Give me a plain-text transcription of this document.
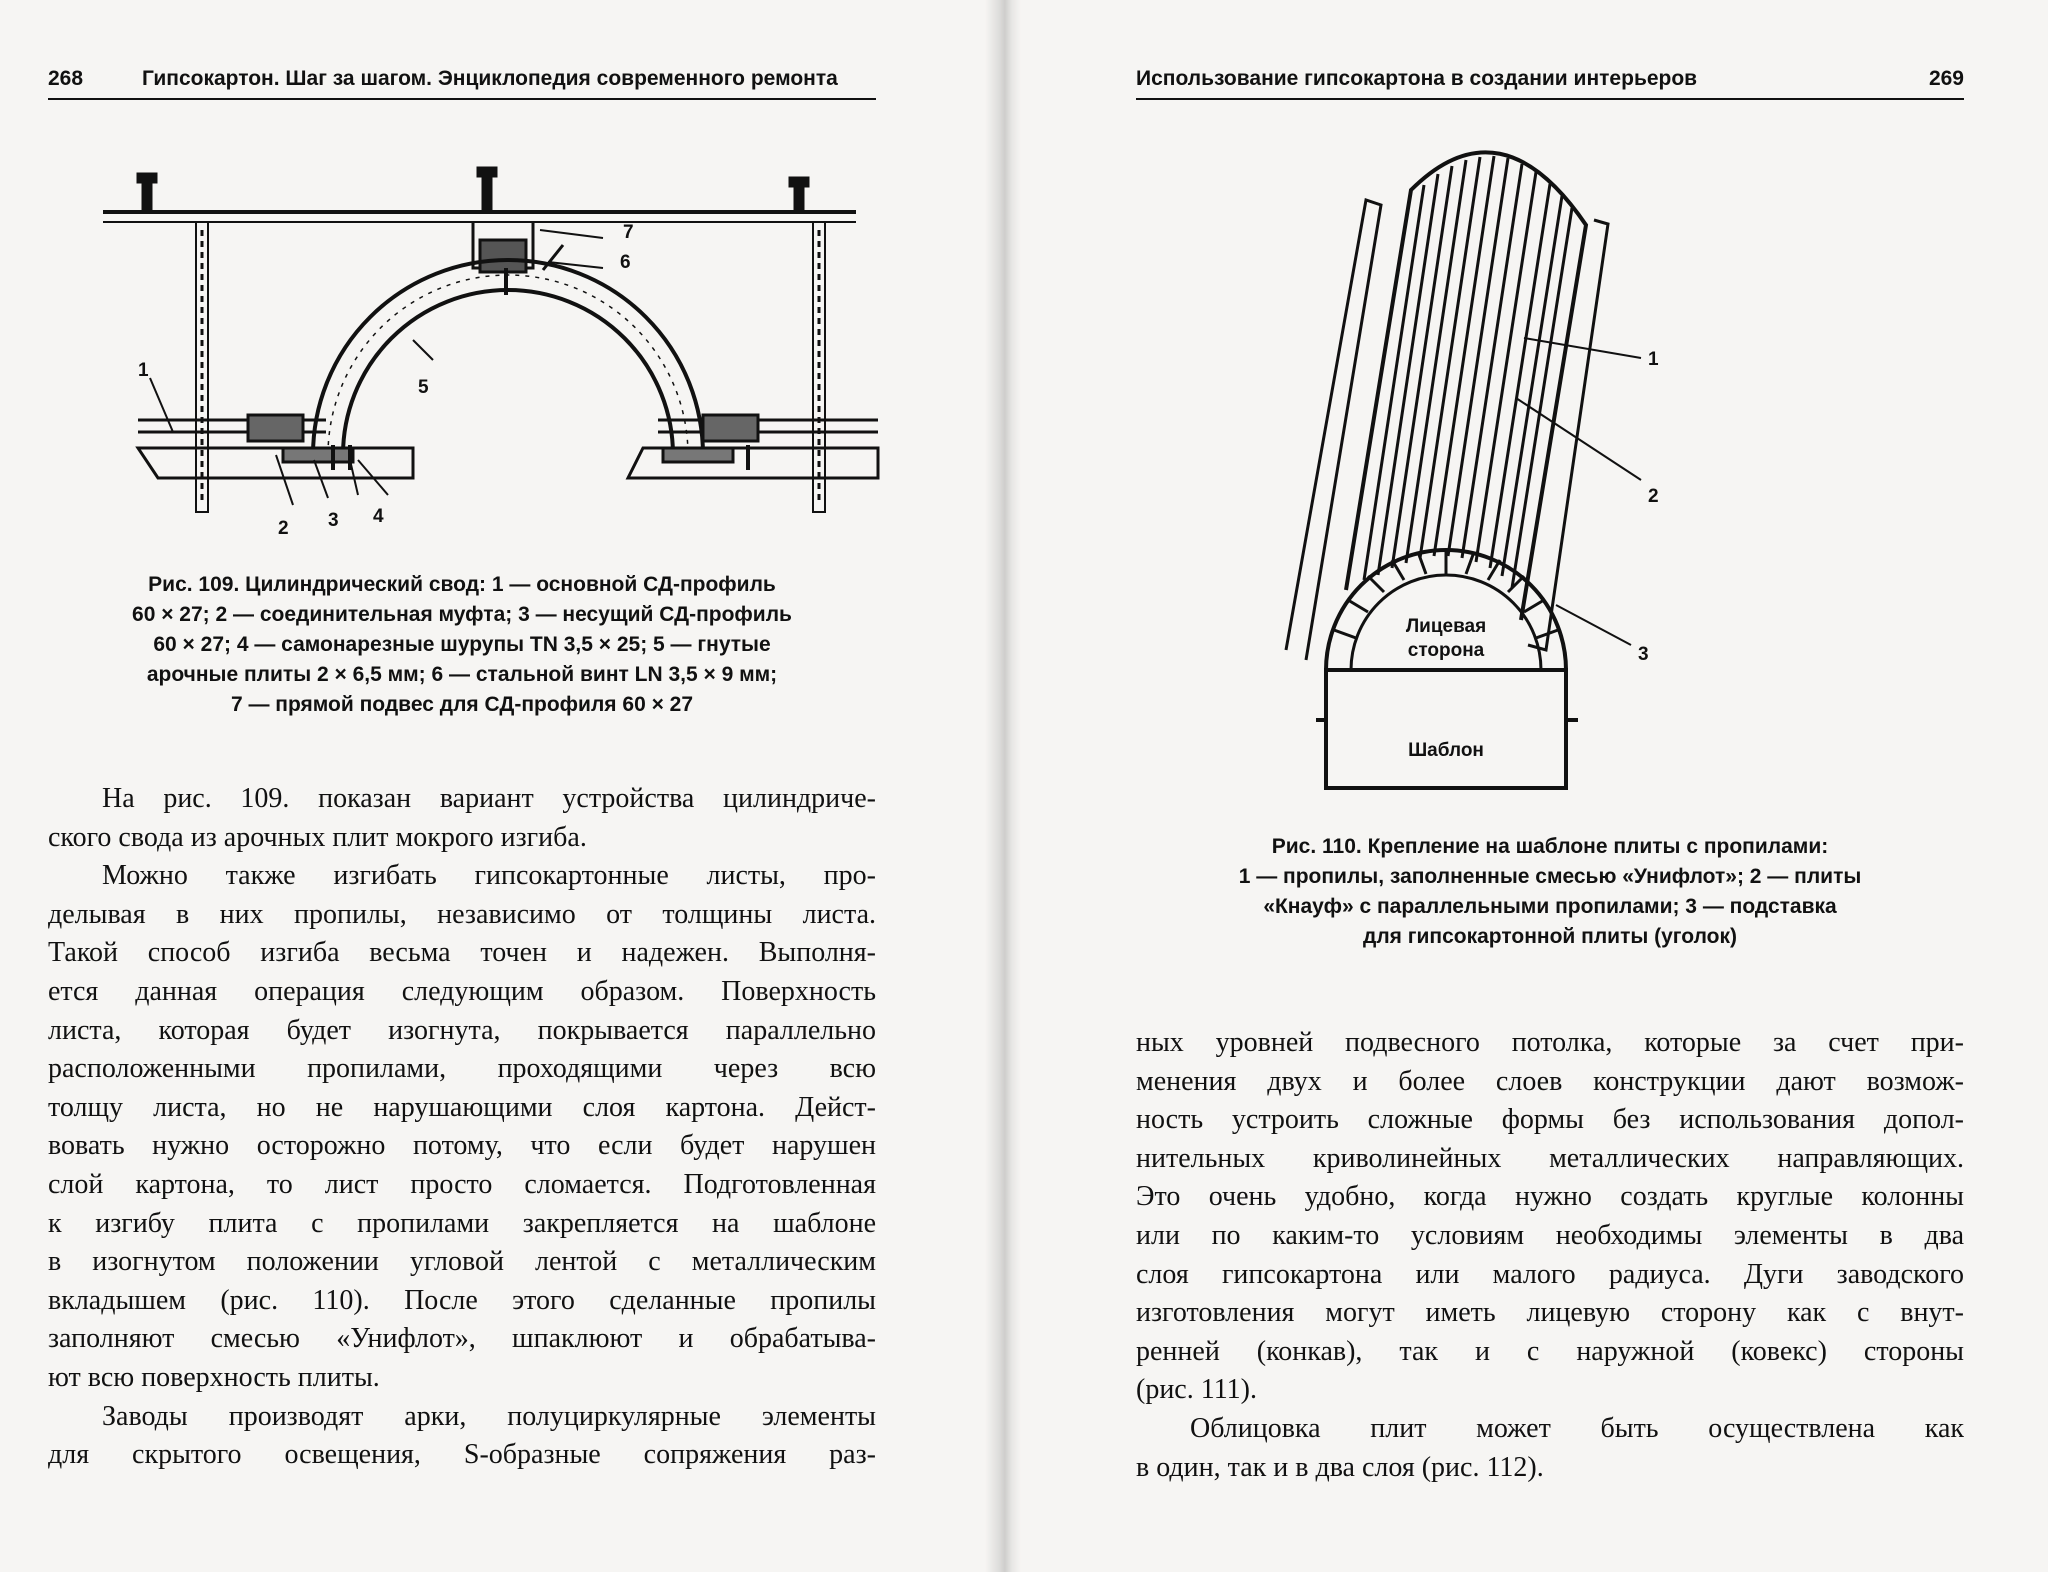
268	Гипсокартон. Шаг за шагом. Энциклопедия современного ремонта
1
2 3 4
5
6
7
Рис. 109. Цилиндрический свод: 1 — основной СД-профиль
60 × 27; 2 — соединительная муфта; 3 — несущий СД-профиль
60 × 27; 4 — самонарезные шурупы TN 3,5 × 25; 5 — гнутые
арочные плиты 2 × 6,5 мм; 6 — стальной винт LN 3,5 × 9 мм;
7 — прямой подвес для СД-профиля 60 × 27
На рис. 109. показан вариант устройства цилиндриче-
ского свода из арочных плит мокрого изгиба.
Можно также изгибать гипсокартонные листы, про-
делывая в них пропилы, независимо от толщины листа.
Такой способ изгиба весьма точен и надежен. Выполня-
ется данная операция следующим образом. Поверхность
листа, которая будет изогнута, покрывается параллельно
расположенными пропилами, проходящими через всю
толщу листа, но не нарушающими слоя картона. Дейст-
вовать нужно осторожно потому, что если будет нарушен
слой картона, то лист просто сломается. Подготовленная
к изгибу плита с пропилами закрепляется на шаблоне
в изогнутом положении угловой лентой с металлическим
вкладышем (рис. 110). После этого сделанные пропилы
заполняют смесью «Унифлот», шпаклюют и обрабатыва-
ют всю поверхность плиты.
Заводы производят арки, полуциркулярные элементы
для скрытого освещения, S-образные сопряжения раз-
Использование гипсокартона в создании интерьеров	269
1
2
3
Лицевая
сторона
Шаблон
Рис. 110. Крепление на шаблоне плиты с пропилами:
1 — пропилы, заполненные смесью «Унифлот»; 2 — плиты
«Кнауф» с параллельными пропилами; 3 — подставка
для гипсокартонной плиты (уголок)
ных уровней подвесного потолка, которые за счет при-
менения двух и более слоев конструкции дают возмож-
ность устроить сложные формы без использования допол-
нительных криволинейных металлических направляющих.
Это очень удобно, когда нужно создать круглые колонны
или по каким-то условиям необходимы элементы в два
слоя гипсокартона или малого радиуса. Дуги заводского
изготовления могут иметь лицевую сторону как с внут-
ренней (конкав), так и с наружной (ковекс) стороны
(рис. 111).
Облицовка плит может быть осуществлена как
в один, так и в два слоя (рис. 112).
